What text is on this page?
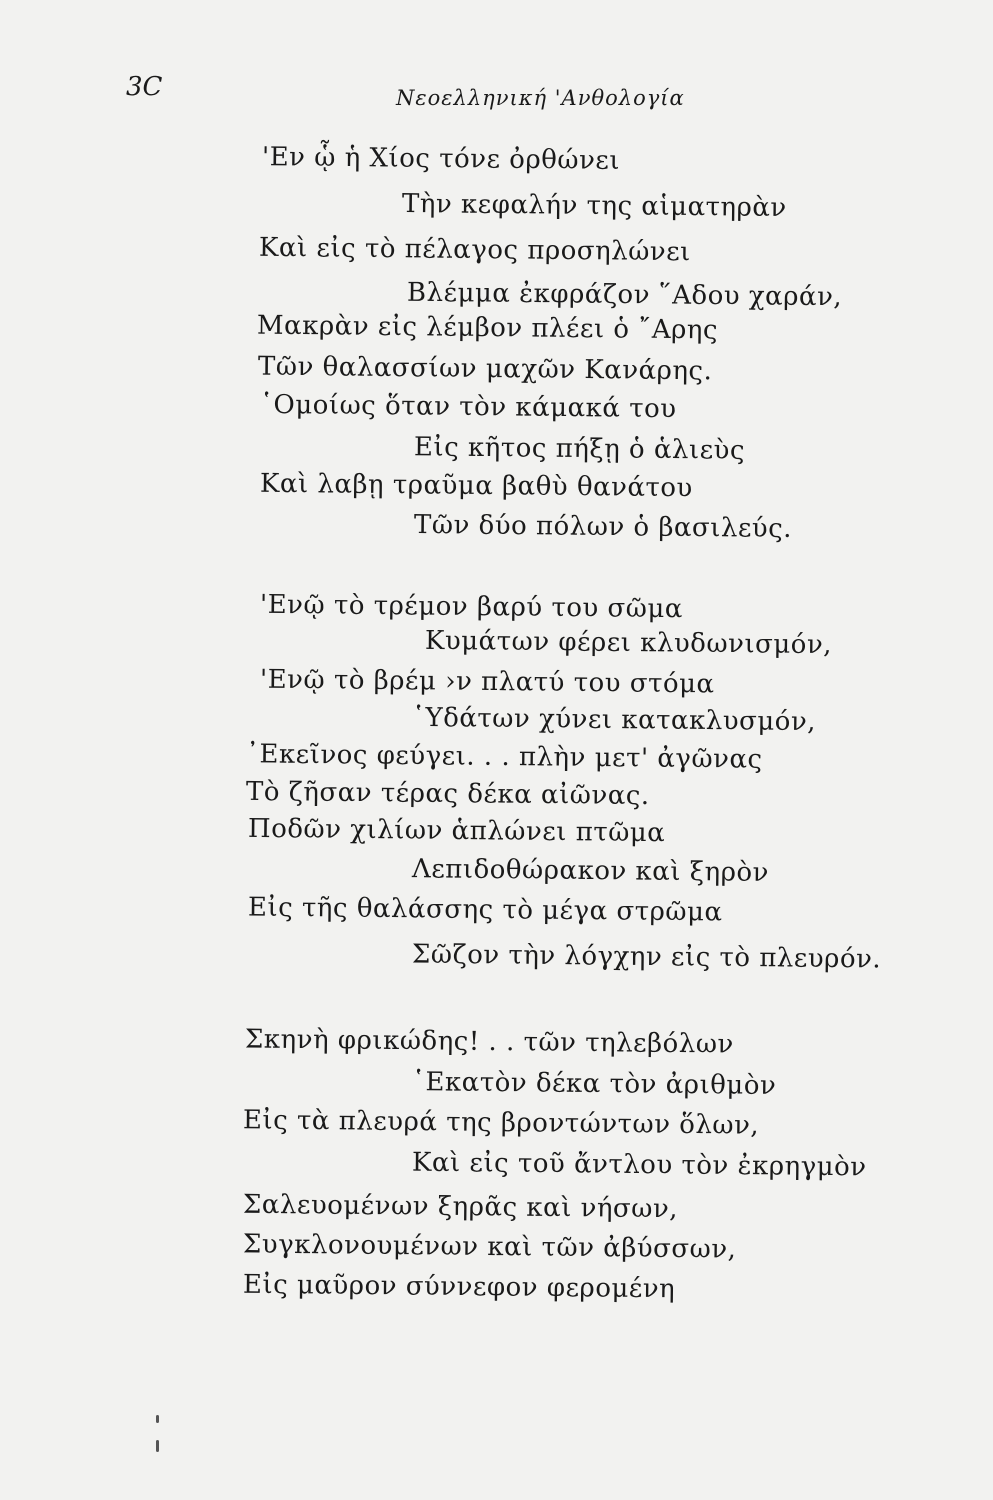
3C	Νεοελληνική 'Ανθολογία
'Εν ᾧ ἡ Χίος τόνε ὀρθώνει
Τὴν κεφαλήν της αἱματηρὰν
Καὶ εἰς τὸ πέλαγος προσηλώνει
Βλέμμα ἐκφράζον ῞Αδου χαράν,
Μακρὰν εἰς λέμβον πλέει ὁ ῎Αρης
Τῶν θαλασσίων μαχῶν Κανάρης.
῾Ομοίως ὅταν τὸν κάμακά του
Εἰς κῆτος πήξῃ ὁ ἁλιεὺς
Καὶ λαβῃ τραῦμα βαθὺ θανάτου
Τῶν δύο πόλων ὁ βασιλεύς.
'Ενῷ τὸ τρέμον βαρύ του σῶμα
Κυμάτων φέρει κλυδωνισμόν,
'Ενῷ τὸ βρέμ ›ν πλατύ του στόμα
῾Υδάτων χύνει κατακλυσμόν,
᾿Εκεῖνος φεύγει. . . πλὴν μετ' ἀγῶνας
Τὸ ζῆσαν τέρας δέκα αἰῶνας.
Ποδῶν χιλίων ἁπλώνει πτῶμα
Λεπιδοθώρακον καὶ ξηρὸν
Εἰς τῆς θαλάσσης τὸ μέγα στρῶμα
Σῶζον τὴν λόγχην εἰς τὸ πλευρόν.
Σκηνὴ φρικώδης! . . τῶν τηλεβόλων
῾Εκατὸν δέκα τὸν ἀριθμὸν
Εἰς τὰ πλευρά της βροντώντων ὅλων,
Καὶ εἰς τοῦ ἄντλου τὸν ἐκρηγμὸν
Σαλευομένων ξηρᾶς καὶ νήσων,
Συγκλονουμένων καὶ τῶν ἀβύσσων,
Εἰς μαῦρον σύννεφον φερομένη
